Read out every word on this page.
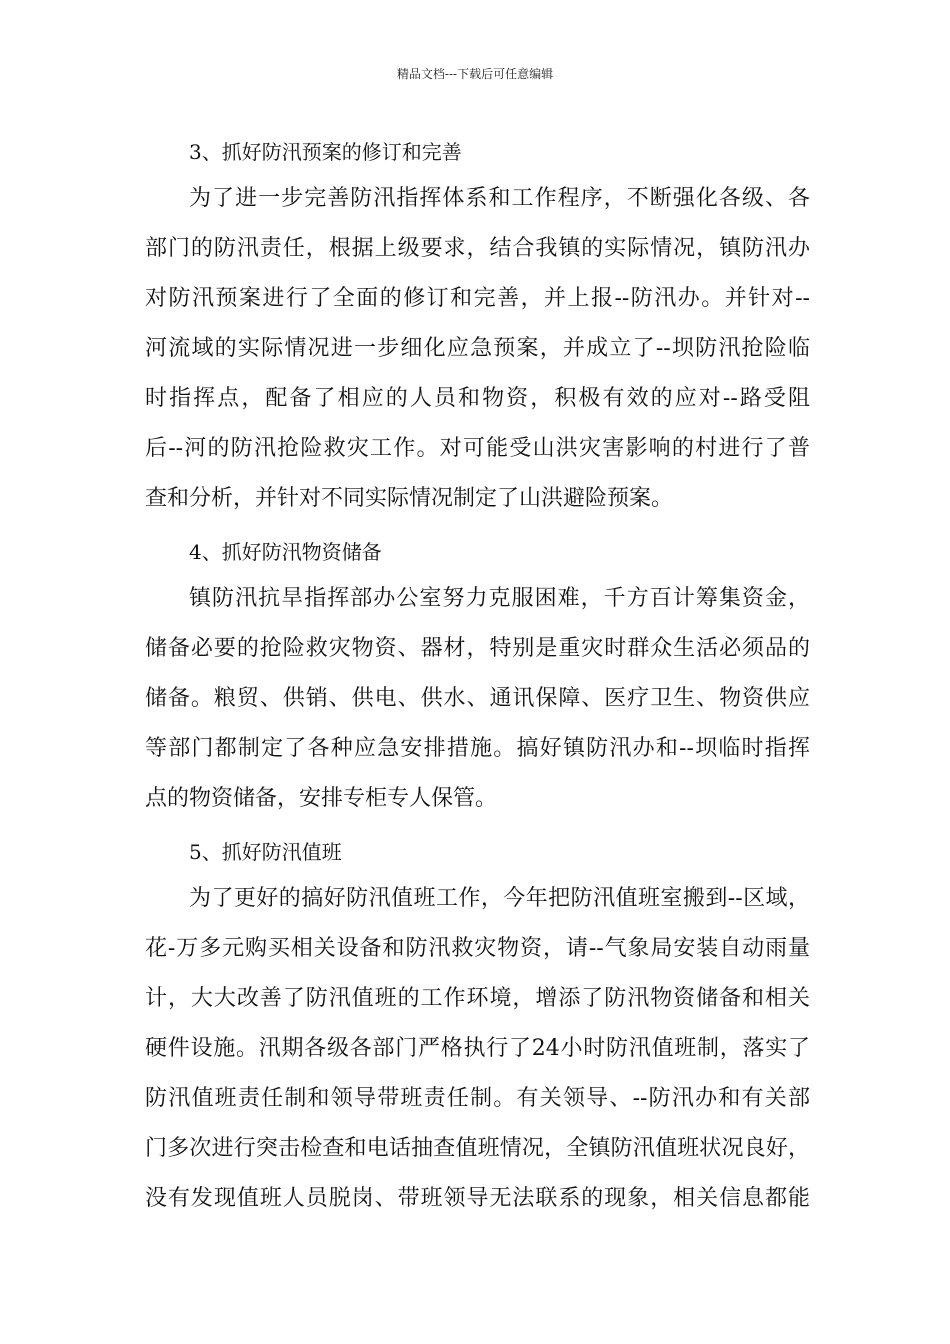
精品文档---下载后可任意编辑
3、抓好防汛预案的修订和完善
为了进一步完善防汛指挥体系和工作程序，不断强化各级、各
部门的防汛责任，根据上级要求，结合我镇的实际情况，镇防汛办
对防汛预案进行了全面的修订和完善，并上报--防汛办。并针对--
河流域的实际情况进一步细化应急预案，并成立了--坝防汛抢险临
时指挥点，配备了相应的人员和物资，积极有效的应对--路受阻
后--河的防汛抢险救灾工作。对可能受山洪灾害影响的村进行了普
查和分析，并针对不同实际情况制定了山洪避险预案。
4、抓好防汛物资储备
镇防汛抗旱指挥部办公室努力克服困难，千方百计筹集资金，
储备必要的抢险救灾物资、器材，特别是重灾时群众生活必须品的
储备。粮贸、供销、供电、供水、通讯保障、医疗卫生、物资供应
等部门都制定了各种应急安排措施。搞好镇防汛办和--坝临时指挥
点的物资储备，安排专柜专人保管。
5、抓好防汛值班
为了更好的搞好防汛值班工作，今年把防汛值班室搬到--区域，
花-万多元购买相关设备和防汛救灾物资，请--气象局安装自动雨量
计，大大改善了防汛值班的工作环境，增添了防汛物资储备和相关
硬件设施。汛期各级各部门严格执行了24小时防汛值班制，落实了
防汛值班责任制和领导带班责任制。有关领导、--防汛办和有关部
门多次进行突击检查和电话抽查值班情况，全镇防汛值班状况良好，
没有发现值班人员脱岗、带班领导无法联系的现象，相关信息都能
